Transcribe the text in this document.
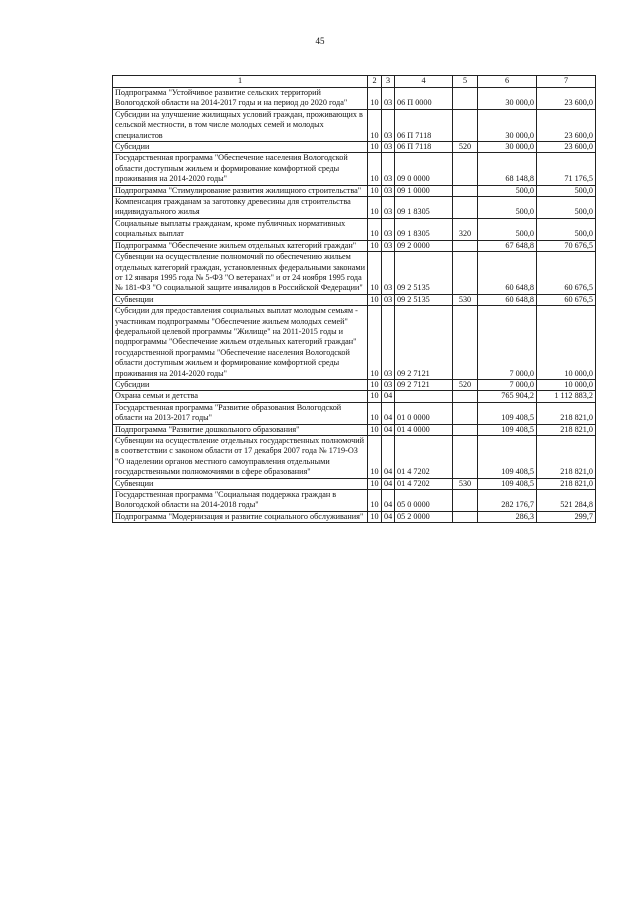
45
1	2	3	4	5	6	7
Подпрограмма "Устойчивое развитие сельских территорий Вологодской области на 2014-2017 годы и на период до 2020 года"	10	03	06 П 0000		30 000,0	23 600,0
Субсидии на улучшение жилищных условий граждан, проживающих в сельской местности, в том числе молодых семей и молодых специалистов	10	03	06 П 7118		30 000,0	23 600,0
Субсидии	10	03	06 П 7118	520	30 000,0	23 600,0
Государственная программа "Обеспечение населения Вологодской области доступным жильем и формирование комфортной среды проживания на 2014-2020 годы"	10	03	09 0 0000		68 148,8	71 176,5
Подпрограмма "Стимулирование развития жилищного строительства"	10	03	09 1 0000		500,0	500,0
Компенсация гражданам за заготовку древесины для строительства индивидуального жилья	10	03	09 1 8305		500,0	500,0
Социальные выплаты гражданам, кроме публичных нормативных социальных выплат	10	03	09 1 8305	320	500,0	500,0
Подпрограмма "Обеспечение жильем отдельных категорий граждан"	10	03	09 2 0000		67 648,8	70 676,5
Субвенции на осуществление полномочий по обеспечению жильем отдельных категорий граждан, установленных федеральными законами от 12 января 1995 года № 5-ФЗ "О ветеранах" и от 24 ноября 1995 года № 181-ФЗ "О социальной защите инвалидов в Российской Федерации"	10	03	09 2 5135		60 648,8	60 676,5
Субвенции	10	03	09 2 5135	530	60 648,8	60 676,5
Субсидии для предоставления социальных выплат молодым семьям - участникам подпрограммы "Обеспечение жильем молодых семей" федеральной целевой программы "Жилище" на 2011-2015 годы и подпрограммы "Обеспечение жильем отдельных категорий граждан" государственной программы "Обеспечение населения Вологодской области доступным жильем и формирование комфортной среды проживания на 2014-2020 годы"	10	03	09 2 7121		7 000,0	10 000,0
Субсидии	10	03	09 2 7121	520	7 000,0	10 000,0
Охрана семьи и детства	10	04			765 904,2	1 112 883,2
Государственная программа "Развитие образования Вологодской области на 2013-2017 годы"	10	04	01 0 0000		109 408,5	218 821,0
Подпрограмма "Развитие дошкольного образования"	10	04	01 4 0000		109 408,5	218 821,0
Субвенции на осуществление отдельных государственных полномочий в соответствии с законом области от 17 декабря 2007 года № 1719-ОЗ "О наделении органов местного самоуправления отдельными государственными полномочиями в сфере образования"	10	04	01 4 7202		109 408,5	218 821,0
Субвенции	10	04	01 4 7202	530	109 408,5	218 821,0
Государственная программа "Социальная поддержка граждан в Вологодской области на 2014-2018 годы"	10	04	05 0 0000		282 176,7	521 284,8
Подпрограмма "Модернизация и развитие социального обслуживания"	10	04	05 2 0000		286,3	299,7
